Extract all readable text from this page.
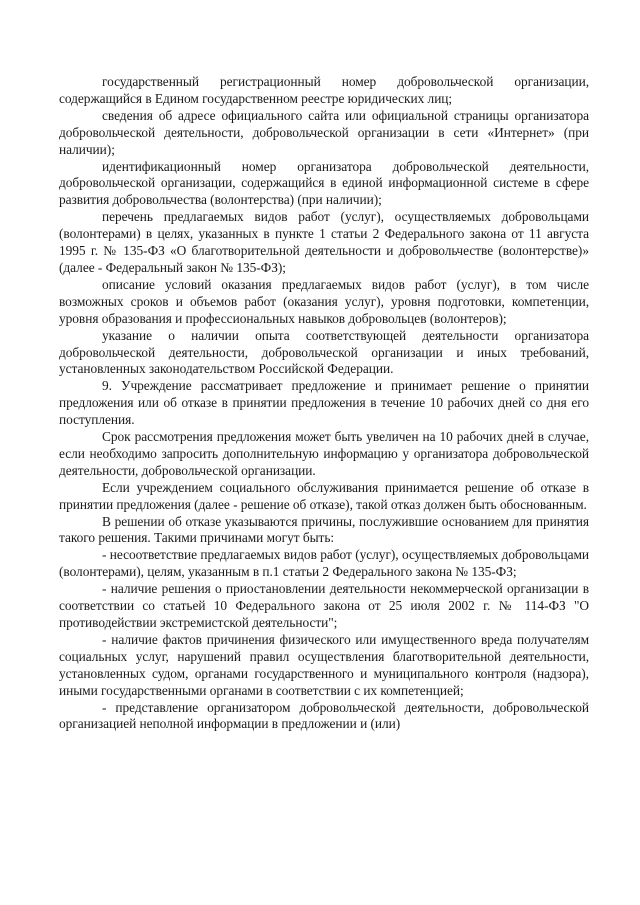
государственный регистрационный номер добровольческой организации, содержащийся в Едином государственном реестре юридических лиц;

сведения об адресе официального сайта или официальной страницы организатора добровольческой деятельности, добровольческой организации в сети «Интернет» (при наличии);

идентификационный номер организатора добровольческой деятельности, добровольческой организации, содержащийся в единой информационной системе в сфере развития добровольчества (волонтерства) (при наличии);

перечень предлагаемых видов работ (услуг), осуществляемых добровольцами (волонтерами) в целях, указанных в пункте 1 статьи 2 Федерального закона от 11 августа 1995 г. № 135-ФЗ «О благотворительной деятельности и добровольчестве (волонтерстве)» (далее - Федеральный закон № 135-ФЗ);

описание условий оказания предлагаемых видов работ (услуг), в том числе возможных сроков и объемов работ (оказания услуг), уровня подготовки, компетенции, уровня образования и профессиональных навыков добровольцев (волонтеров);

указание о наличии опыта соответствующей деятельности организатора добровольческой деятельности, добровольческой организации и иных требований, установленных законодательством Российской Федерации.

9. Учреждение рассматривает предложение и принимает решение о принятии предложения или об отказе в принятии предложения в течение 10 рабочих дней со дня его поступления.

Срок рассмотрения предложения может быть увеличен на 10 рабочих дней в случае, если необходимо запросить дополнительную информацию у организатора добровольческой деятельности, добровольческой организации.

Если учреждением социального обслуживания принимается решение об отказе в принятии предложения (далее - решение об отказе), такой отказ должен быть обоснованным.

В решении об отказе указываются причины, послужившие основанием для принятия такого решения. Такими причинами могут быть:

- несоответствие предлагаемых видов работ (услуг), осуществляемых добровольцами (волонтерами), целям, указанным в п.1 статьи 2 Федерального закона № 135-ФЗ;

- наличие решения о приостановлении деятельности некоммерческой организации в соответствии со статьей 10 Федерального закона от 25 июля 2002 г. № 114-ФЗ "О противодействии экстремистской деятельности";

- наличие фактов причинения физического или имущественного вреда получателям социальных услуг, нарушений правил осуществления благотворительной деятельности, установленных судом, органами государственного и муниципального контроля (надзора), иными государственными органами в соответствии с их компетенцией;

- представление организатором добровольческой деятельности, добровольческой организацией неполной информации в предложении и (или)
